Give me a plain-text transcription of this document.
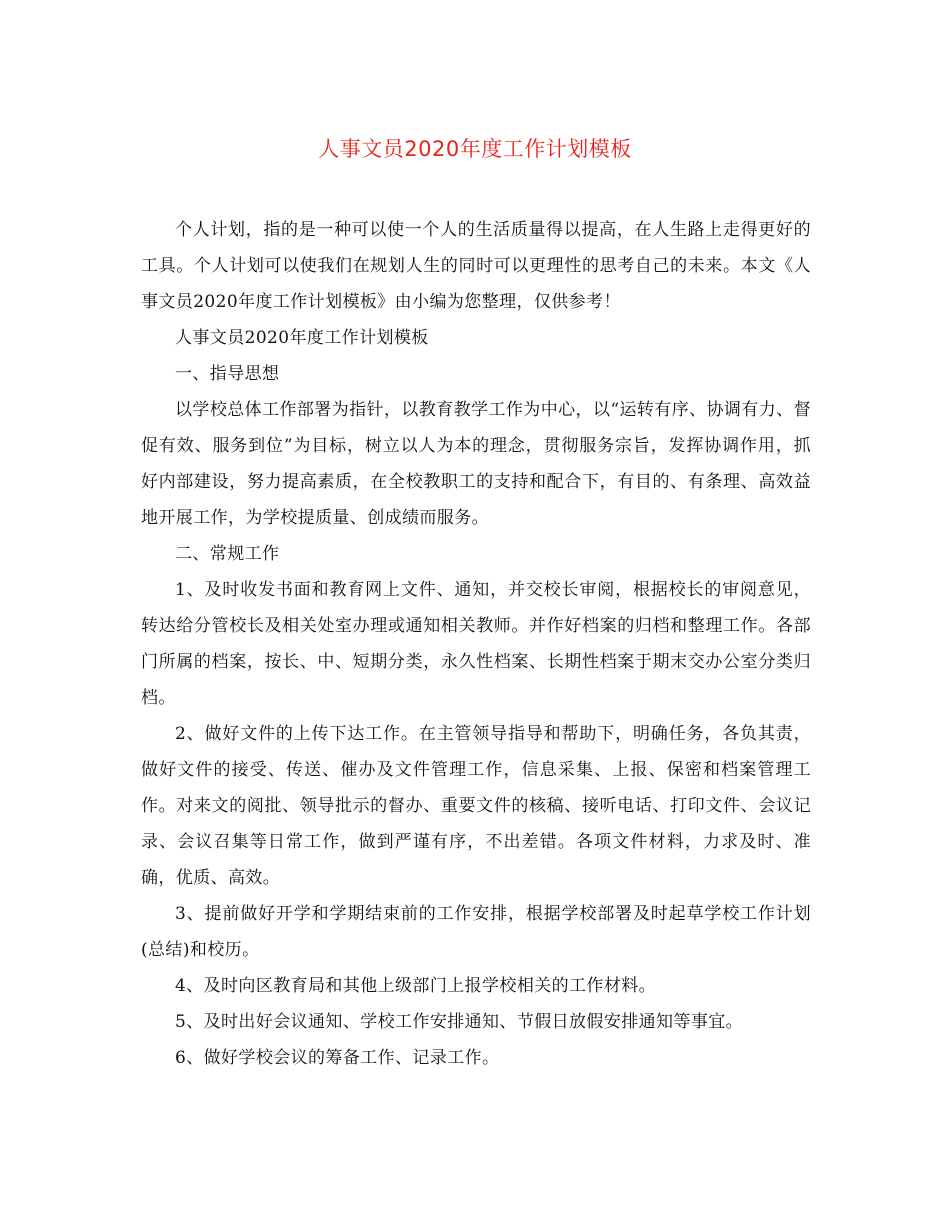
人事文员2020年度工作计划模板

个人计划，指的是一种可以使一个人的生活质量得以提高，在人生路上走得更好的工具。个人计划可以使我们在规划人生的同时可以更理性的思考自己的未来。本文《人事文员2020年度工作计划模板》由小编为您整理，仅供参考！

人事文员2020年度工作计划模板

一、指导思想

以学校总体工作部署为指针，以教育教学工作为中心，以“运转有序、协调有力、督促有效、服务到位”为目标，树立以人为本的理念，贯彻服务宗旨，发挥协调作用，抓好内部建设，努力提高素质，在全校教职工的支持和配合下，有目的、有条理、高效益地开展工作，为学校提质量、创成绩而服务。

二、常规工作

1、及时收发书面和教育网上文件、通知，并交校长审阅，根据校长的审阅意见，转达给分管校长及相关处室办理或通知相关教师。并作好档案的归档和整理工作。各部门所属的档案，按长、中、短期分类，永久性档案、长期性档案于期末交办公室分类归档。

2、做好文件的上传下达工作。在主管领导指导和帮助下，明确任务，各负其责，做好文件的接受、传送、催办及文件管理工作，信息采集、上报、保密和档案管理工作。对来文的阅批、领导批示的督办、重要文件的核稿、接听电话、打印文件、会议记录、会议召集等日常工作，做到严谨有序，不出差错。各项文件材料，力求及时、准确，优质、高效。

3、提前做好开学和学期结束前的工作安排，根据学校部署及时起草学校工作计划(总结)和校历。

4、及时向区教育局和其他上级部门上报学校相关的工作材料。

5、及时出好会议通知、学校工作安排通知、节假日放假安排通知等事宜。

6、做好学校会议的筹备工作、记录工作。
